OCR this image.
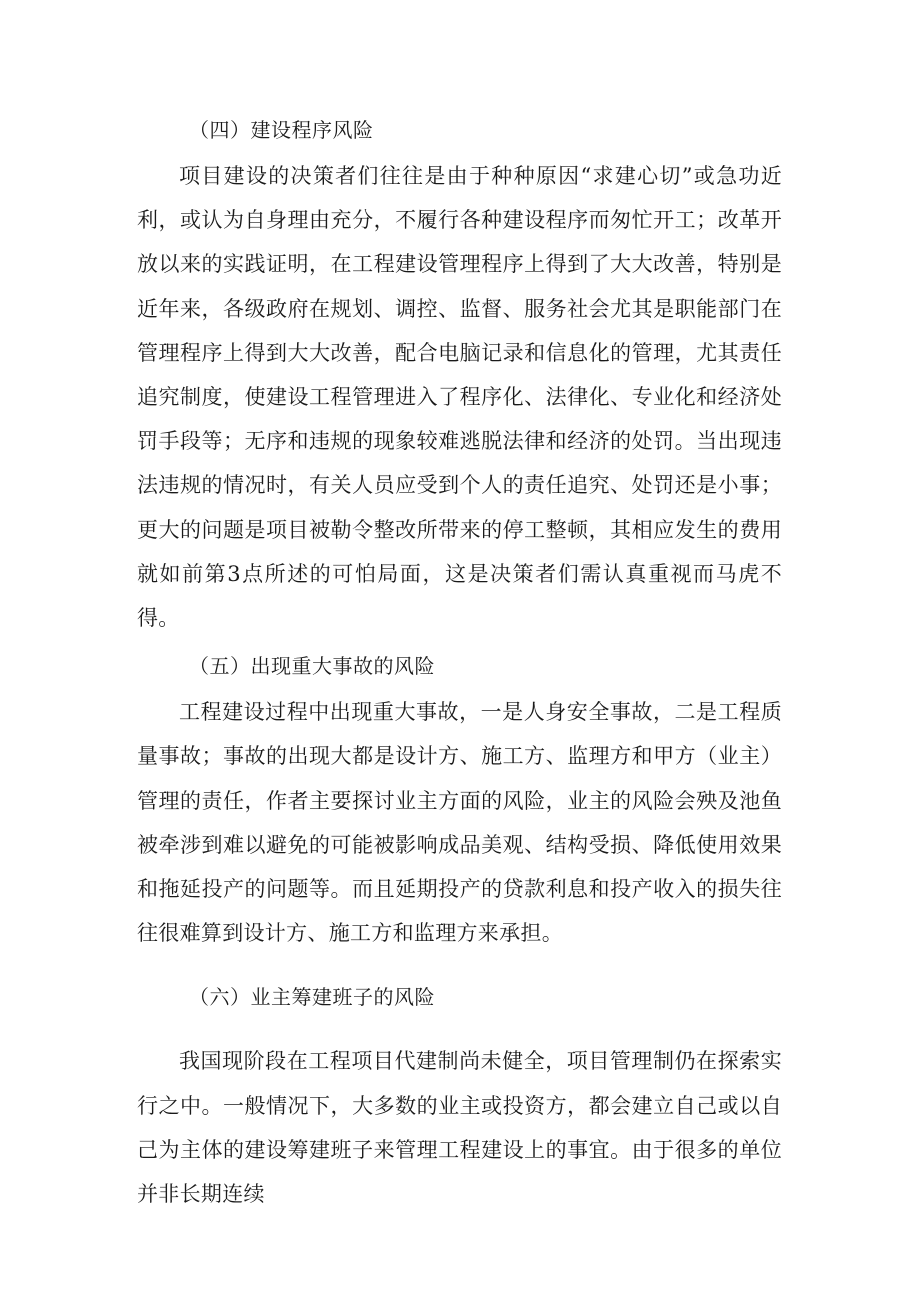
（四）建设程序风险

项目建设的决策者们往往是由于种种原因“求建心切”或急功近利，或认为自身理由充分，不履行各种建设程序而匆忙开工；改革开放以来的实践证明，在工程建设管理程序上得到了大大改善，特别是近年来，各级政府在规划、调控、监督、服务社会尤其是职能部门在管理程序上得到大大改善，配合电脑记录和信息化的管理，尤其责任追究制度，使建设工程管理进入了程序化、法律化、专业化和经济处罚手段等；无序和违规的现象较难逃脱法律和经济的处罚。当出现违法违规的情况时，有关人员应受到个人的责任追究、处罚还是小事；更大的问题是项目被勒令整改所带来的停工整顿，其相应发生的费用就如前第3点所述的可怕局面，这是决策者们需认真重视而马虎不得。

（五）出现重大事故的风险

工程建设过程中出现重大事故，一是人身安全事故，二是工程质量事故；事故的出现大都是设计方、施工方、监理方和甲方（业主）管理的责任，作者主要探讨业主方面的风险，业主的风险会殃及池鱼被牵涉到难以避免的可能被影响成品美观、结构受损、降低使用效果和拖延投产的问题等。而且延期投产的贷款利息和投产收入的损失往往很难算到设计方、施工方和监理方来承担。

（六）业主筹建班子的风险

我国现阶段在工程项目代建制尚未健全，项目管理制仍在探索实行之中。一般情况下，大多数的业主或投资方，都会建立自己或以自己为主体的建设筹建班子来管理工程建设上的事宜。由于很多的单位并非长期连续
